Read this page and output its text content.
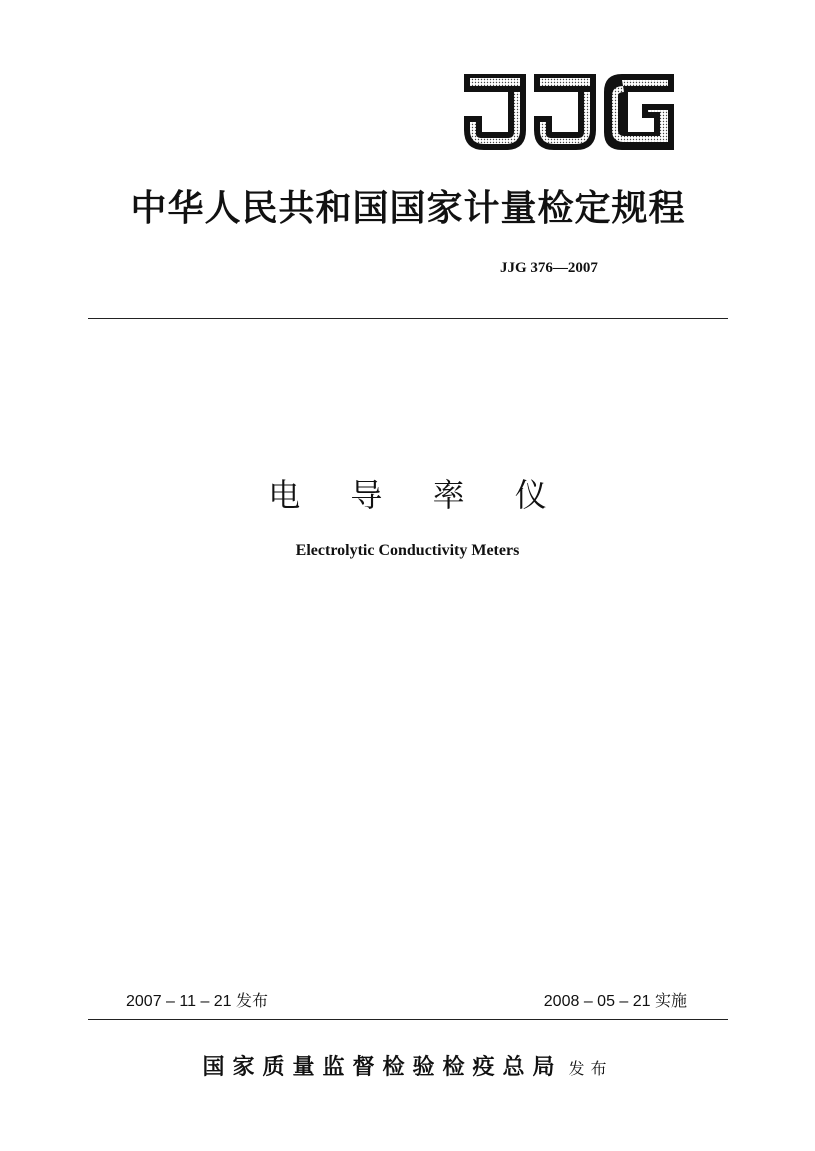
中华人民共和国国家计量检定规程
JJG 376—2007
电 导 率 仪
Electrolytic Conductivity Meters
2007 – 11 – 21 发布	2008 – 05 – 21 实施
国家质量监督检验检疫总局 发布
